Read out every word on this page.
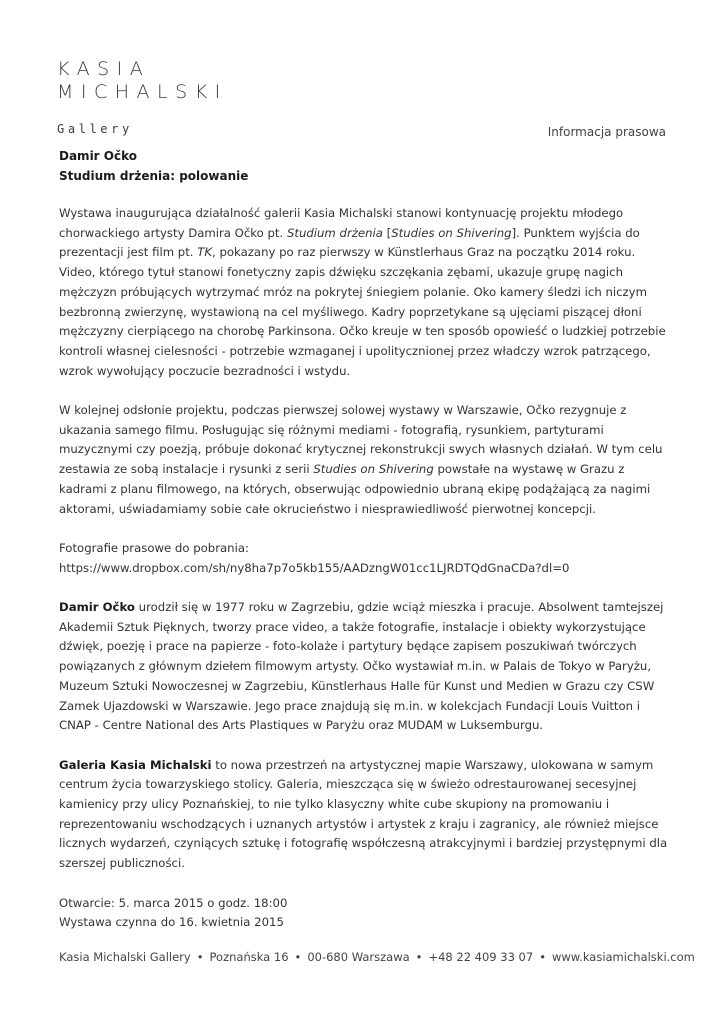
KASIA
MICHALSKI
Gallery	Informacja prasowa
Damir Očko
Studium drżenia: polowanie

Wystawa inaugurująca działalność galerii Kasia Michalski stanowi kontynuację projektu młodego chorwackiego artysty Damira Očko pt. Studium drżenia [Studies on Shivering]. Punktem wyjścia do prezentacji jest film pt. TK, pokazany po raz pierwszy w Künstlerhaus Graz na początku 2014 roku. Video, którego tytuł stanowi fonetyczny zapis dźwięku szczękania zębami, ukazuje grupę nagich mężczyzn próbujących wytrzymać mróz na pokrytej śniegiem polanie. Oko kamery śledzi ich niczym bezbronną zwierzynę, wystawioną na cel myśliwego. Kadry poprzetykane są ujęciami piszącej dłoni mężczyzny cierpiącego na chorobę Parkinsona. Očko kreuje w ten sposób opowieść o ludzkiej potrzebie kontroli własnej cielesności - potrzebie wzmaganej i upolitycznionej przez władczy wzrok patrzącego, wzrok wywołujący poczucie bezradności i wstydu.

W kolejnej odsłonie projektu, podczas pierwszej solowej wystawy w Warszawie, Očko rezygnuje z ukazania samego filmu. Posługując się różnymi mediami - fotografią, rysunkiem, partyturami muzycznymi czy poezją, próbuje dokonać krytycznej rekonstrukcji swych własnych działań. W tym celu zestawia ze sobą instalacje i rysunki z serii Studies on Shivering powstałe na wystawę w Grazu z kadrami z planu filmowego, na których, obserwując odpowiednio ubraną ekipę podążającą za nagimi aktorami, uświadamiamy sobie całe okrucieństwo i niesprawiedliwość pierwotnej koncepcji.

Fotografie prasowe do pobrania:
https://www.dropbox.com/sh/ny8ha7p7o5kb155/AADzngW01cc1LJRDTQdGnaCDa?dl=0

Damir Očko urodził się w 1977 roku w Zagrzebiu, gdzie wciąż mieszka i pracuje. Absolwent tamtejszej Akademii Sztuk Pięknych, tworzy prace video, a także fotografie, instalacje i obiekty wykorzystujące dźwięk, poezję i prace na papierze - foto-kolaże i partytury będące zapisem poszukiwań twórczych powiązanych z głównym dziełem filmowym artysty. Očko wystawiał m.in. w Palais de Tokyo w Paryżu, Muzeum Sztuki Nowoczesnej w Zagrzebiu, Künstlerhaus Halle für Kunst und Medien w Grazu czy CSW Zamek Ujazdowski w Warszawie. Jego prace znajdują się m.in. w kolekcjach Fundacji Louis Vuitton i CNAP - Centre National des Arts Plastiques w Paryżu oraz MUDAM w Luksemburgu.

Galeria Kasia Michalski to nowa przestrzeń na artystycznej mapie Warszawy, ulokowana w samym centrum życia towarzyskiego stolicy. Galeria, mieszcząca się w świeżo odrestaurowanej secesyjnej kamienicy przy ulicy Poznańskiej, to nie tylko klasyczny white cube skupiony na promowaniu i reprezentowaniu wschodzących i uznanych artystów i artystek z kraju i zagranicy, ale również miejsce licznych wydarzeń, czyniących sztukę i fotografię współczesną atrakcyjnymi i bardziej przystępnymi dla szerszej publiczności.

Otwarcie: 5. marca 2015 o godz. 18:00
Wystawa czynna do 16. kwietnia 2015

Kasia Michalski Gallery • Poznańska 16 • 00-680 Warszawa • +48 22 409 33 07 • www.kasiamichalski.com
